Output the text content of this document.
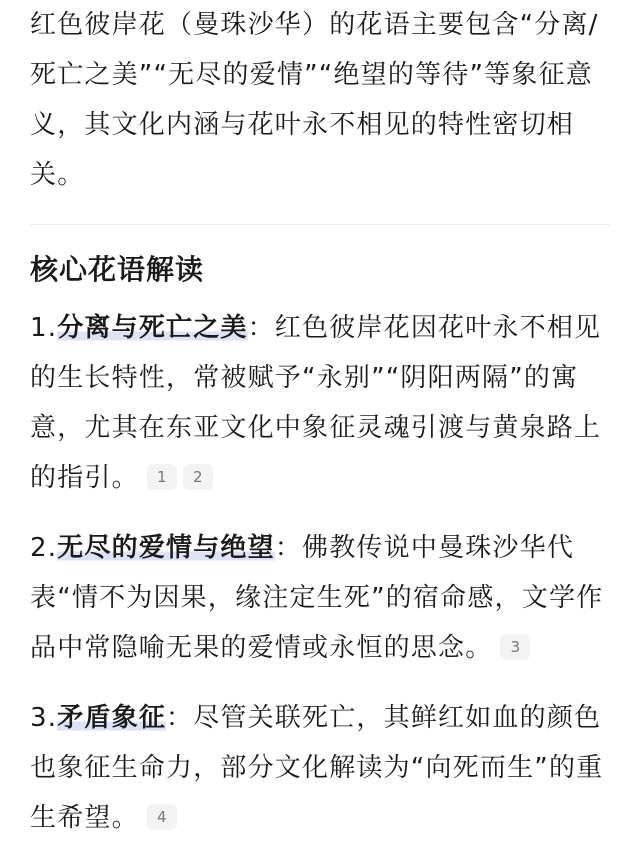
红色彼岸花（曼珠沙华）的花语主要包含“分离/死亡之美”“无尽的爱情”“绝望的等待”等象征意义，其文化内涵与花叶永不相见的特性密切相关。

核心花语解读

1.分离与死亡之美：红色彼岸花因花叶永不相见的生长特性，常被赋予“永别”“阴阳两隔”的寓意，尤其在东亚文化中象征灵魂引渡与黄泉路上的指引。 1 2

2.无尽的爱情与绝望：佛教传说中曼珠沙华代表“情不为因果，缘注定生死”的宿命感，文学作品中常隐喻无果的爱情或永恒的思念。 3

3.矛盾象征：尽管关联死亡，其鲜红如血的颜色也象征生命力，部分文化解读为“向死而生”的重生希望。 4
